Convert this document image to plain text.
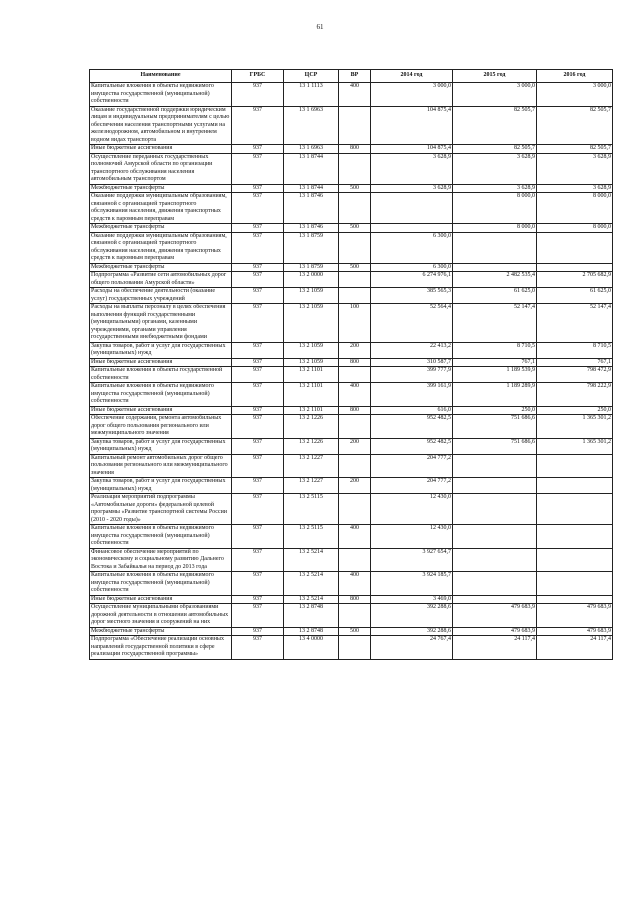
61
Наименование	ГРБС	ЦСР	ВР	2014 год	2015 год	2016 год
Капитальные вложения в объекты недвижимого имущества государственной (муниципальной) собственности	937	13 1 1113	400	3 000,0	3 000,0	3 000,0
Оказание государственной поддержки юридическим лицам и индивидуальным предпринимателям с целью обеспечения населения транспортными услугами на железнодорожном, автомобильном и внутреннем водном видах транспорта	937	13 1 6963		104 875,4	82 505,7	82 505,7
Иные бюджетные ассигнования	937	13 1 6963	800	104 875,4	82 505,7	82 505,7
Осуществление переданных государственных полномочий Амурской области по организации транспортного обслуживания населения автомобильным транспортом	937	13 1 8744		3 628,9	3 628,9	3 628,9
Межбюджетные трансферты	937	13 1 8744	500	3 628,9	3 628,9	3 628,9
Оказание поддержки муниципальным образованиям, связанной с организацией транспортного обслуживания населения, движения транспортных средств к паромным переправам	937	13 1 8746			8 000,0	8 000,0
Межбюджетные трансферты	937	13 1 8746	500		8 000,0	8 000,0
Оказание поддержки муниципальным образованиям, связанной с организацией транспортного обслуживания населения, движения транспортных средств к паромным переправам	937	13 1 8759		6 300,0		
Межбюджетные трансферты	937	13 1 8759	500	6 300,0		
Подпрограмма «Развитие сети автомобильных дорог общего пользования Амурской области»	937	13 2 0000		6 274 976,1	2 482 535,4	2 705 682,9
Расходы на обеспечение деятельности (оказание услуг) государственных учреждений	937	13 2 1059		385 565,3	61 625,0	61 625,0
Расходы на выплаты персоналу в целях обеспечения выполнения функций государственными (муниципальными) органами, казенными учреждениями, органами управления государственными внебюджетными фондами	937	13 2 1059	100	52 564,4	52 147,4	52 147,4
Закупка товаров, работ и услуг для государственных (муниципальных) нужд	937	13 2 1059	200	22 413,2	8 710,5	8 710,5
Иные бюджетные ассигнования	937	13 2 1059	800	310 587,7	767,1	767,1
Капитальные вложения в объекты государственной собственности	937	13 2 1101		399 777,9	1 189 539,9	798 472,9
Капитальные вложения в объекты недвижимого имущества государственной (муниципальной) собственности	937	13 2 1101	400	399 161,9	1 189 289,9	798 222,9
Иные бюджетные ассигнования	937	13 2 1101	800	616,0	250,0	250,0
Обеспечение содержания, ремонта автомобильных дорог общего пользования регионального или межмуниципального значения	937	13 2 1226		952 482,5	751 686,6	1 365 301,2
Закупка товаров, работ и услуг для государственных (муниципальных) нужд	937	13 2 1226	200	952 482,5	751 686,6	1 365 301,2
Капитальный ремонт автомобильных дорог общего пользования регионального или межмуниципального значения	937	13 2 1227		204 777,2		
Закупка товаров, работ и услуг для государственных (муниципальных) нужд	937	13 2 1227	200	204 777,2		
Реализация мероприятий подпрограммы «Автомобильные дороги» федеральной целевой программы «Развитие транспортной системы России (2010 - 2020 годы)»	937	13 2 5115		12 430,0		
Капитальные вложения в объекты недвижимого имущества государственной (муниципальной) собственности	937	13 2 5115	400	12 430,0		
Финансовое обеспечение мероприятий по экономическому и социальному развитию Дальнего Востока и Забайкалья на период до 2013 года	937	13 2 5214		3 927 654,7		
Капитальные вложения в объекты недвижимого имущества государственной (муниципальной) собственности	937	13 2 5214	400	3 924 185,7		
Иные бюджетные ассигнования	937	13 2 5214	800	3 469,0		
Осуществление муниципальными образованиями дорожной деятельности в отношении автомобильных дорог местного значения и сооружений на них	937	13 2 8748		392 288,6	479 683,9	479 683,9
Межбюджетные трансферты	937	13 2 8748	500	392 288,6	479 683,9	479 683,9
Подпрограмма «Обеспечение реализации основных направлений государственной политики в сфере реализации государственной программы»	937	13 4 0000		24 767,4	24 117,4	24 117,4
